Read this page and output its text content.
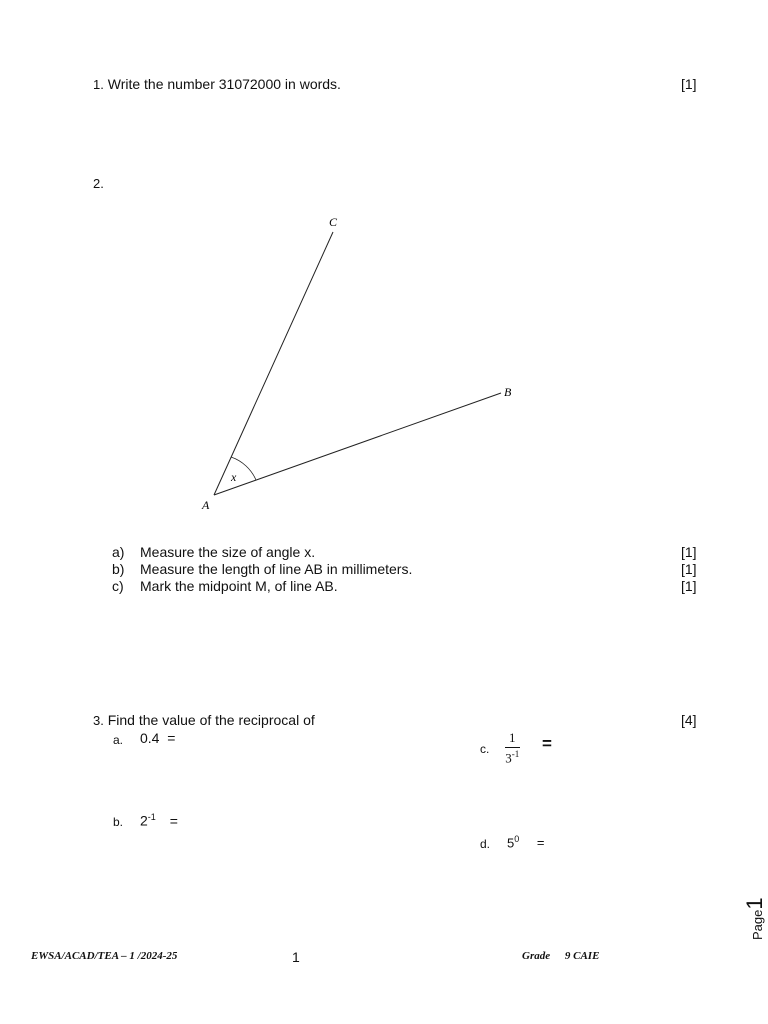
1. Write the number 31072000 in words.	[1]
2.
A
B
C
x
a) Measure the size of angle x.	[1]
b) Measure the length of line AB in millimeters.	[1]
c) Mark the midpoint M, of line AB.	[1]
3. Find the value of the reciprocal of	[4]
a. 0.4 =
b. $2^{-1}$ =
c.
1
$3^{-1}$
=
d. $5^0$ =
Page1
EWSA/ACAD/TEA – 1 /2024-25	1	Grade 9 CAIE
